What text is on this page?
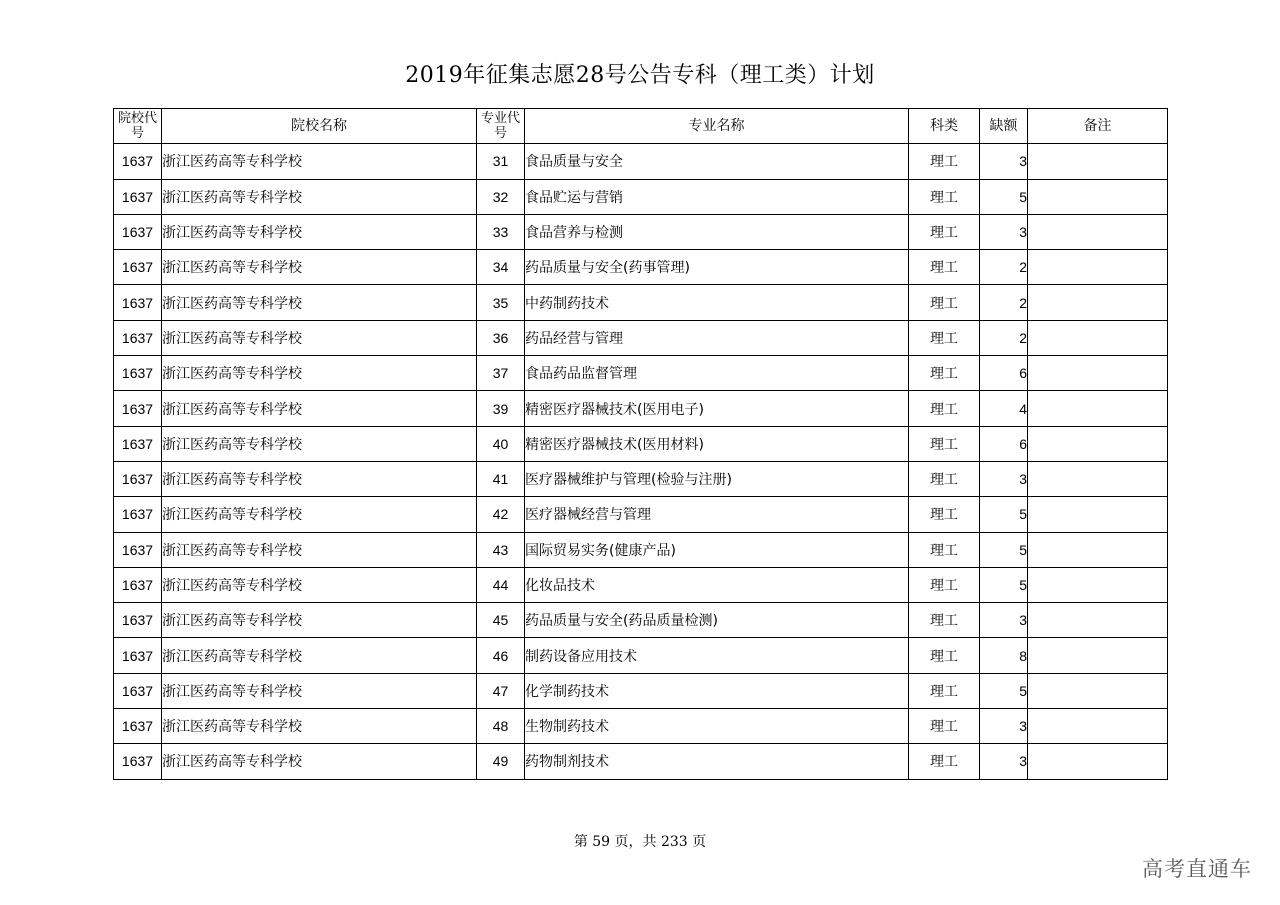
2019年征集志愿28号公告专科（理工类）计划
院校代号	院校名称	专业代号	专业名称	科类	缺额	备注
1637	浙江医药高等专科学校	31	食品质量与安全	理工	3	
1637	浙江医药高等专科学校	32	食品贮运与营销	理工	5	
1637	浙江医药高等专科学校	33	食品营养与检测	理工	3	
1637	浙江医药高等专科学校	34	药品质量与安全(药事管理)	理工	2	
1637	浙江医药高等专科学校	35	中药制药技术	理工	2	
1637	浙江医药高等专科学校	36	药品经营与管理	理工	2	
1637	浙江医药高等专科学校	37	食品药品监督管理	理工	6	
1637	浙江医药高等专科学校	39	精密医疗器械技术(医用电子)	理工	4	
1637	浙江医药高等专科学校	40	精密医疗器械技术(医用材料)	理工	6	
1637	浙江医药高等专科学校	41	医疗器械维护与管理(检验与注册)	理工	3	
1637	浙江医药高等专科学校	42	医疗器械经营与管理	理工	5	
1637	浙江医药高等专科学校	43	国际贸易实务(健康产品)	理工	5	
1637	浙江医药高等专科学校	44	化妆品技术	理工	5	
1637	浙江医药高等专科学校	45	药品质量与安全(药品质量检测)	理工	3	
1637	浙江医药高等专科学校	46	制药设备应用技术	理工	8	
1637	浙江医药高等专科学校	47	化学制药技术	理工	5	
1637	浙江医药高等专科学校	48	生物制药技术	理工	3	
1637	浙江医药高等专科学校	49	药物制剂技术	理工	3	
第 59 页，共 233 页
高考直通车
